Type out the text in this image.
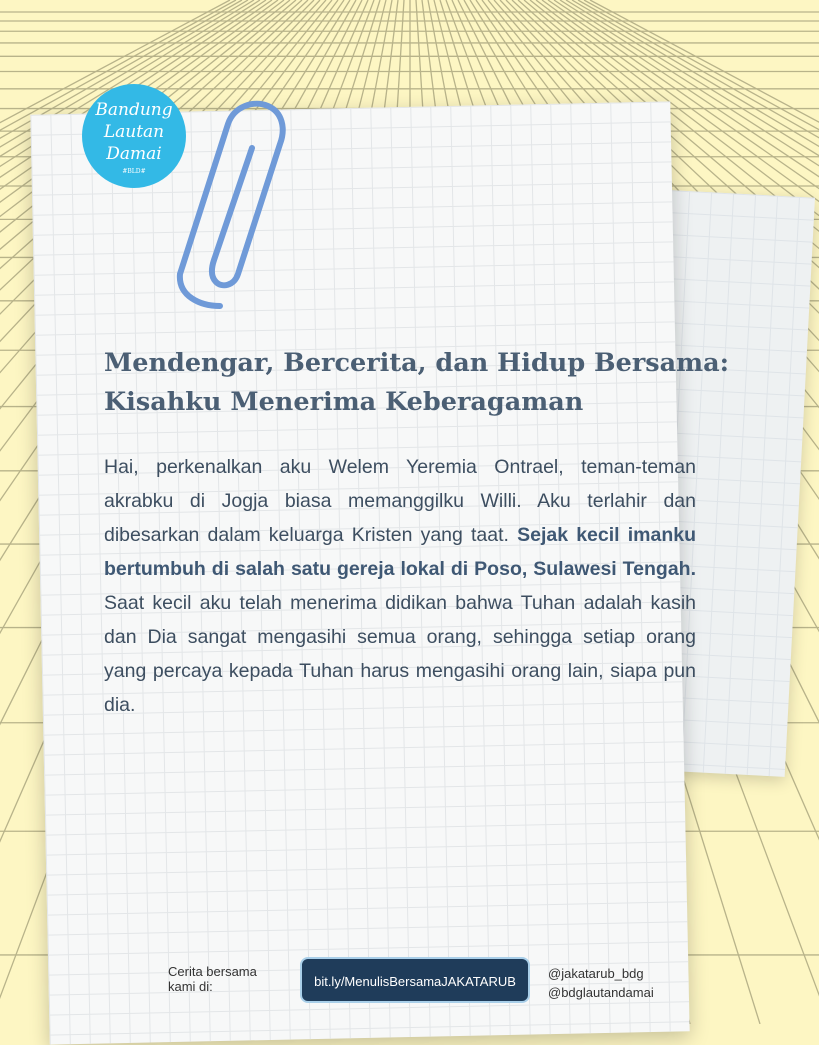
Bandung
Lautan
Damai
#BLD#
Mendengar, Bercerita, dan Hidup Bersama:
Kisahku Menerima Keberagaman
Hai, perkenalkan aku Welem Yeremia Ontrael, teman-teman akrabku di Jogja biasa memanggilku Willi. Aku terlahir dan dibesarkan dalam keluarga Kristen yang taat. Sejak kecil imanku bertumbuh di salah satu gereja lokal di Poso, Sulawesi Tengah. Saat kecil aku telah menerima didikan bahwa Tuhan adalah kasih dan Dia sangat mengasihi semua orang, sehingga setiap orang yang percaya kepada Tuhan harus mengasihi orang lain, siapa pun dia.
Cerita bersama
kami di:	bit.ly/MenulisBersamaJAKATARUB
@jakatarub_bdg
@bdglautandamai
